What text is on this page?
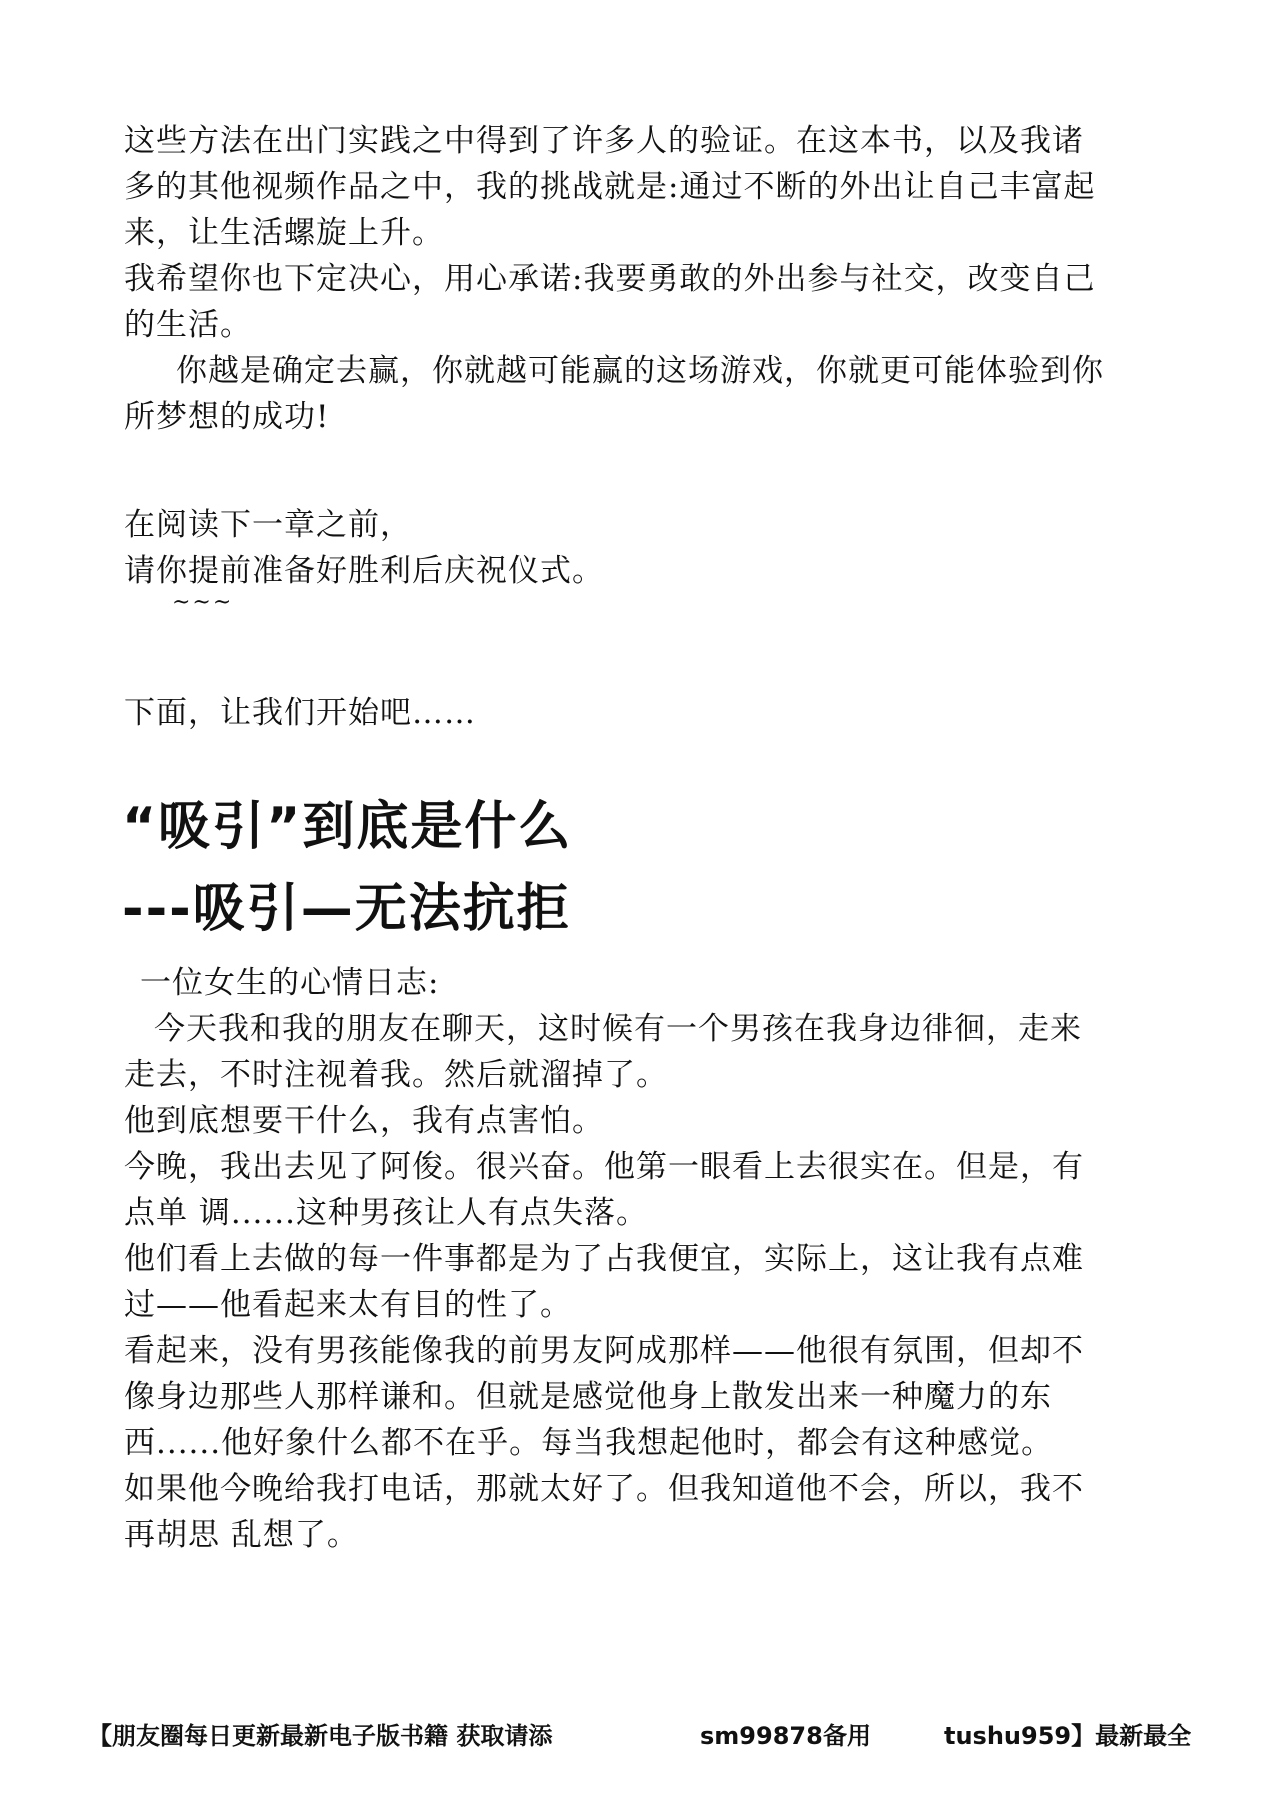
这些方法在出门实践之中得到了许多人的验证。在这本书，以及我诸
多的其他视频作品之中，我的挑战就是:通过不断的外出让自己丰富起
来，让生活螺旋上升。
我希望你也下定决心，用心承诺:我要勇敢的外出参与社交，改变自己
的生活。
你越是确定去赢，你就越可能赢的这场游戏，你就更可能体验到你
所梦想的成功!
在阅读下一章之前，
请你提前准备好胜利后庆祝仪式。
~~~
下面，让我们开始吧……
“吸引”到底是什么
---吸引—无法抗拒
一位女生的心情日志:
今天我和我的朋友在聊天，这时候有一个男孩在我身边徘徊，走来
走去，不时注视着我。然后就溜掉了。
他到底想要干什么，我有点害怕。
今晚，我出去见了阿俊。很兴奋。他第一眼看上去很实在。但是，有
点单 调......这种男孩让人有点失落。
他们看上去做的每一件事都是为了占我便宜，实际上，这让我有点难
过——他看起来太有目的性了。
看起来，没有男孩能像我的前男友阿成那样——他很有氛围，但却不
像身边那些人那样谦和。但就是感觉他身上散发出来一种魔力的东
西......他好象什么都不在乎。每当我想起他时，都会有这种感觉。
如果他今晚给我打电话，那就太好了。但我知道他不会，所以，我不
再胡思 乱想了。
【朋友圈每日更新最新电子版书籍 获取请添	sm99878 备用	tushu959】最新最全
